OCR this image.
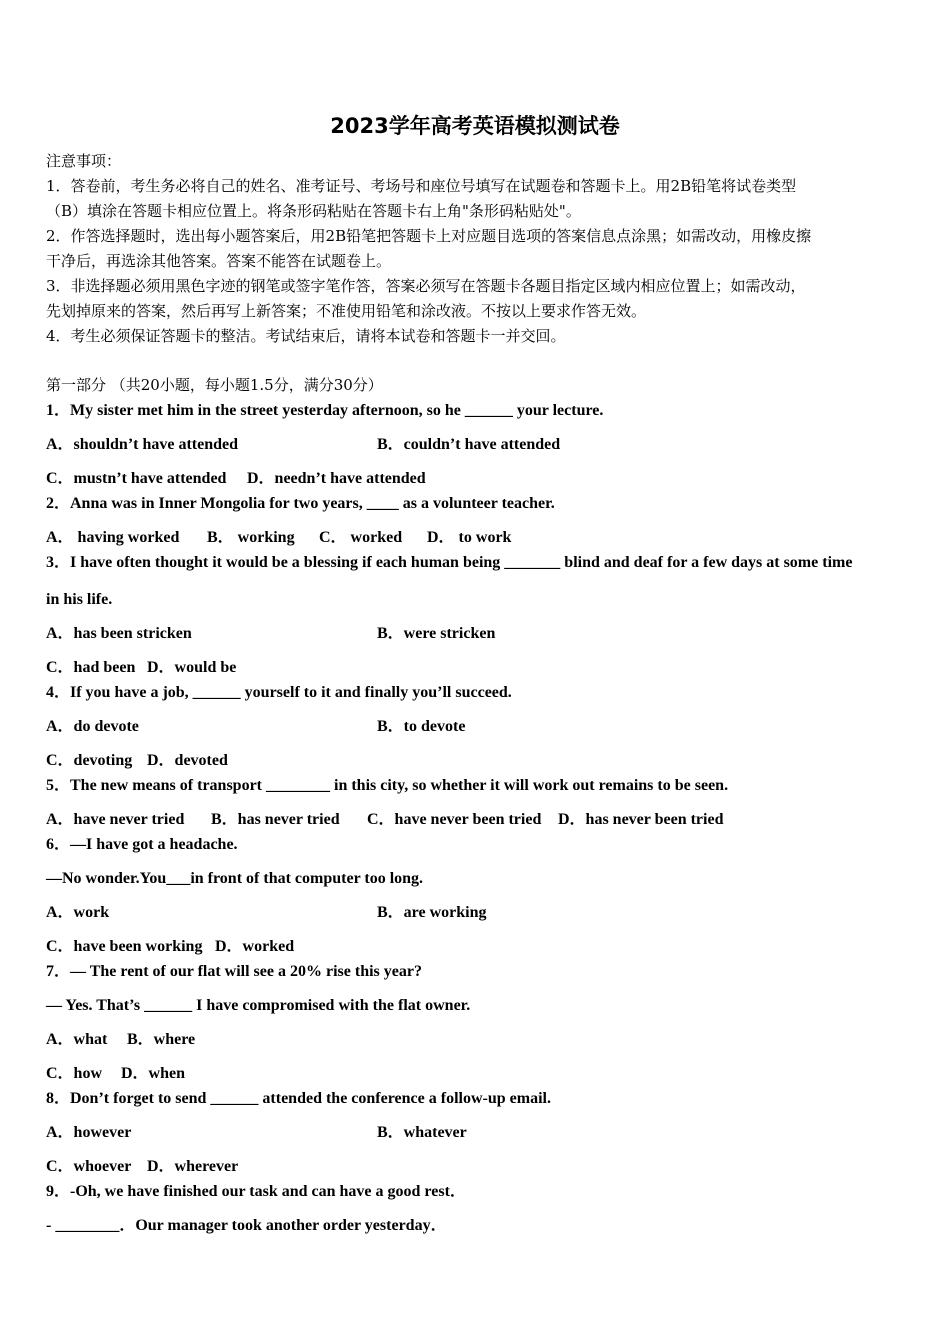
2023学年高考英语模拟测试卷
注意事项：
1．答卷前，考生务必将自己的姓名、准考证号、考场号和座位号填写在试题卷和答题卡上。用2B铅笔将试卷类型
（B）填涂在答题卡相应位置上。将条形码粘贴在答题卡右上角"条形码粘贴处"。
2．作答选择题时，选出每小题答案后，用2B铅笔把答题卡上对应题目选项的答案信息点涂黑；如需改动，用橡皮擦
干净后，再选涂其他答案。答案不能答在试题卷上。
3．非选择题必须用黑色字迹的钢笔或签字笔作答，答案必须写在答题卡各题目指定区域内相应位置上；如需改动，
先划掉原来的答案，然后再写上新答案；不准使用铅笔和涂改液。不按以上要求作答无效。
4．考生必须保证答题卡的整洁。考试结束后，请将本试卷和答题卡一并交回。
第一部分 （共20小题，每小题1.5分，满分30分）
1．My sister met him in the street yesterday afternoon, so he ______ your lecture.
A．shouldn’t have attended	B．couldn’t have attended
C．mustn’t have attended D．needn’t have attended
2．Anna was in Inner Mongolia for two years, ____ as a volunteer teacher.
A． having worked B． working C． worked D． to work
3．I have often thought it would be a blessing if each human being _______ blind and deaf for a few days at some time
in his life.
A．has been stricken	B．were stricken
C．had been D．would be
4．If you have a job, ______ yourself to it and finally you’ll succeed.
A．do devote	B．to devote
C．devoting D．devoted
5．The new means of transport ________ in this city, so whether it will work out remains to be seen.
A．have never tried B．has never tried C．have never been tried D．has never been tried
6．—I have got a headache.
—No wonder.You___in front of that computer too long.
A．work	B．are working
C．have been working D．worked
7．— The rent of our flat will see a 20% rise this year?
— Yes. That’s ______ I have compromised with the flat owner.
A．what B．where
C．how D．when
8．Don’t forget to send ______ attended the conference a follow-up email.
A．however	B．whatever
C．whoever D．wherever
9．-Oh, we have finished our task and can have a good rest．
- ________．Our manager took another order yesterday．
